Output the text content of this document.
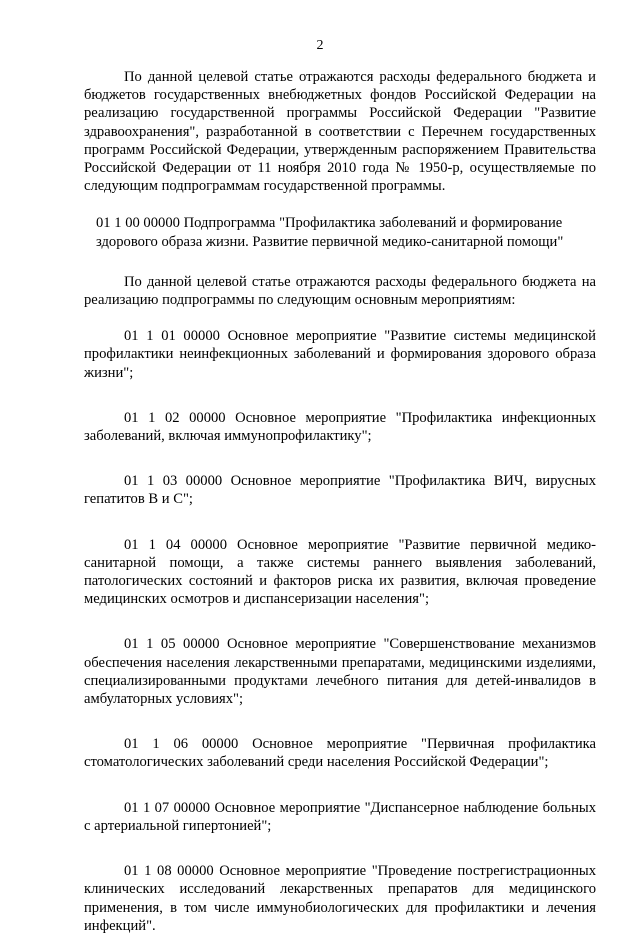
2

По данной целевой статье отражаются расходы федерального бюджета и бюджетов государственных внебюджетных фондов Российской Федерации на реализацию государственной программы Российской Федерации "Развитие здравоохранения", разработанной в соответствии с Перечнем государственных программ Российской Федерации, утвержденным распоряжением Правительства Российской Федерации от 11 ноября 2010 года № 1950-р, осуществляемые по следующим подпрограммам государственной программы.

01 1 00 00000 Подпрограмма "Профилактика заболеваний и формирование здорового образа жизни. Развитие первичной медико-санитарной помощи"

По данной целевой статье отражаются расходы федерального бюджета на реализацию подпрограммы по следующим основным мероприятиям:

01 1 01 00000 Основное мероприятие "Развитие системы медицинской профилактики неинфекционных заболеваний и формирования здорового образа жизни";

01 1 02 00000 Основное мероприятие "Профилактика инфекционных заболеваний, включая иммунопрофилактику";

01 1 03 00000 Основное мероприятие "Профилактика ВИЧ, вирусных гепатитов B и C";

01 1 04 00000 Основное мероприятие "Развитие первичной медико-санитарной помощи, а также системы раннего выявления заболеваний, патологических состояний и факторов риска их развития, включая проведение медицинских осмотров и диспансеризации населения";

01 1 05 00000 Основное мероприятие "Совершенствование механизмов обеспечения населения лекарственными препаратами, медицинскими изделиями, специализированными продуктами лечебного питания для детей-инвалидов в амбулаторных условиях";

01 1 06 00000 Основное мероприятие "Первичная профилактика стоматологических заболеваний среди населения Российской Федерации";

01 1 07 00000 Основное мероприятие "Диспансерное наблюдение больных с артериальной гипертонией";

01 1 08 00000 Основное мероприятие "Проведение пострегистрационных клинических исследований лекарственных препаратов для медицинского применения, в том числе иммунобиологических для профилактики и лечения инфекций".
